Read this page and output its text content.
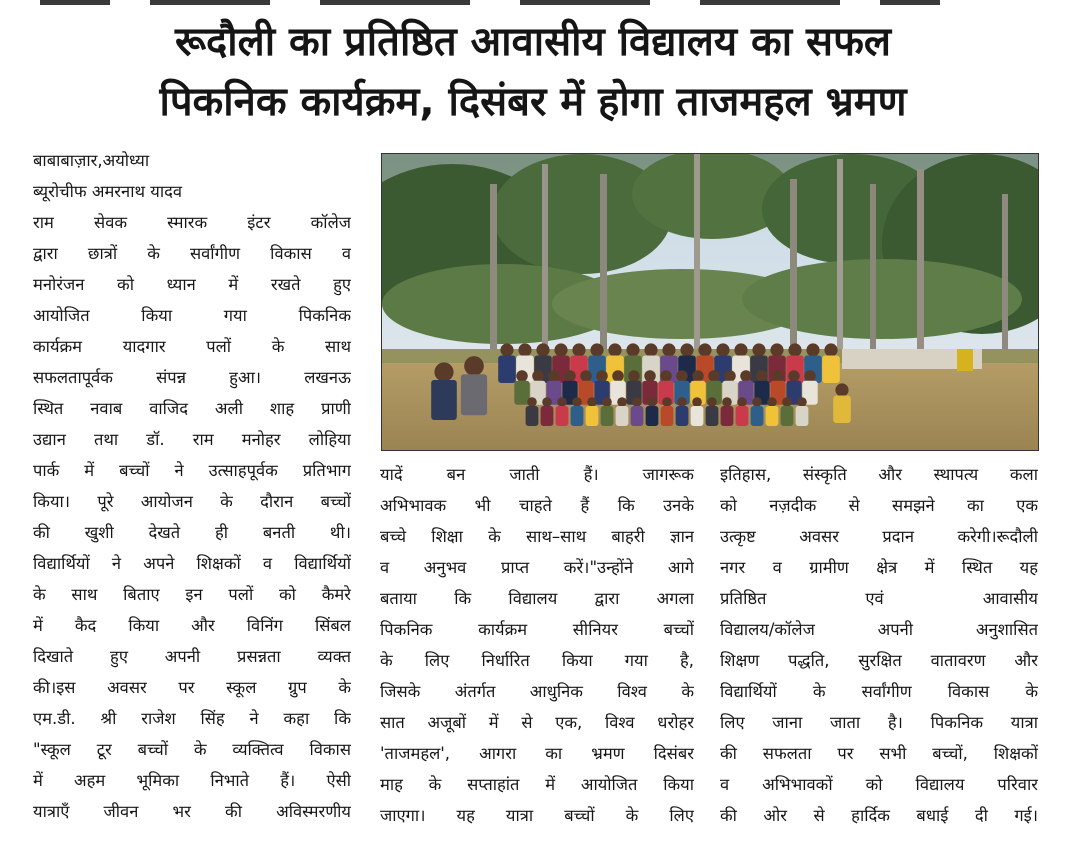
रूदौली का प्रतिष्ठित आवासीय विद्यालय का सफल
पिकनिक कार्यक्रम, दिसंबर में होगा ताजमहल भ्रमण
बाबाबाज़ार,अयोध्या
ब्यूरोचीफ अमरनाथ यादव
राम सेवक स्मारक इंटर कॉलेज
द्वारा छात्रों के सर्वांगीण विकास व
मनोरंजन को ध्यान में रखते हुए
आयोजित किया गया पिकनिक
कार्यक्रम यादगार पलों के साथ
सफलतापूर्वक संपन्न हुआ। लखनऊ
स्थित नवाब वाजिद अली शाह प्राणी
उद्यान तथा डॉ. राम मनोहर लोहिया
पार्क में बच्चों ने उत्साहपूर्वक प्रतिभाग
किया। पूरे आयोजन के दौरान बच्चों
की खुशी देखते ही बनती थी।
विद्यार्थियों ने अपने शिक्षकों व विद्यार्थियों
के साथ बिताए इन पलों को कैमरे
में कैद किया और विनिंग सिंबल
दिखाते हुए अपनी प्रसन्नता व्यक्त
की।इस अवसर पर स्कूल ग्रुप के
एम.डी. श्री राजेश सिंह ने कहा कि
"स्कूल टूर बच्चों के व्यक्तित्व विकास
में अहम भूमिका निभाते हैं। ऐसी
यात्राएँ जीवन भर की अविस्मरणीय
यादें बन जाती हैं। जागरूक
अभिभावक भी चाहते हैं कि उनके
बच्चे शिक्षा के साथ–साथ बाहरी ज्ञान
व अनुभव प्राप्त करें।"उन्होंने आगे
बताया कि विद्यालय द्वारा अगला
पिकनिक कार्यक्रम सीनियर बच्चों
के लिए निर्धारित किया गया है,
जिसके अंतर्गत आधुनिक विश्व के
सात अजूबों में से एक, विश्व धरोहर
'ताजमहल', आगरा का भ्रमण दिसंबर
माह के सप्ताहांत में आयोजित किया
जाएगा। यह यात्रा बच्चों के लिए
इतिहास, संस्कृति और स्थापत्य कला
को नज़दीक से समझने का एक
उत्कृष्ट अवसर प्रदान करेगी।रूदौली
नगर व ग्रामीण क्षेत्र में स्थित यह
प्रतिष्ठित एवं आवासीय
विद्यालय/कॉलेज अपनी अनुशासित
शिक्षण पद्धति, सुरक्षित वातावरण और
विद्यार्थियों के सर्वांगीण विकास के
लिए जाना जाता है। पिकनिक यात्रा
की सफलता पर सभी बच्चों, शिक्षकों
व अभिभावकों को विद्यालय परिवार
की ओर से हार्दिक बधाई दी गई।
